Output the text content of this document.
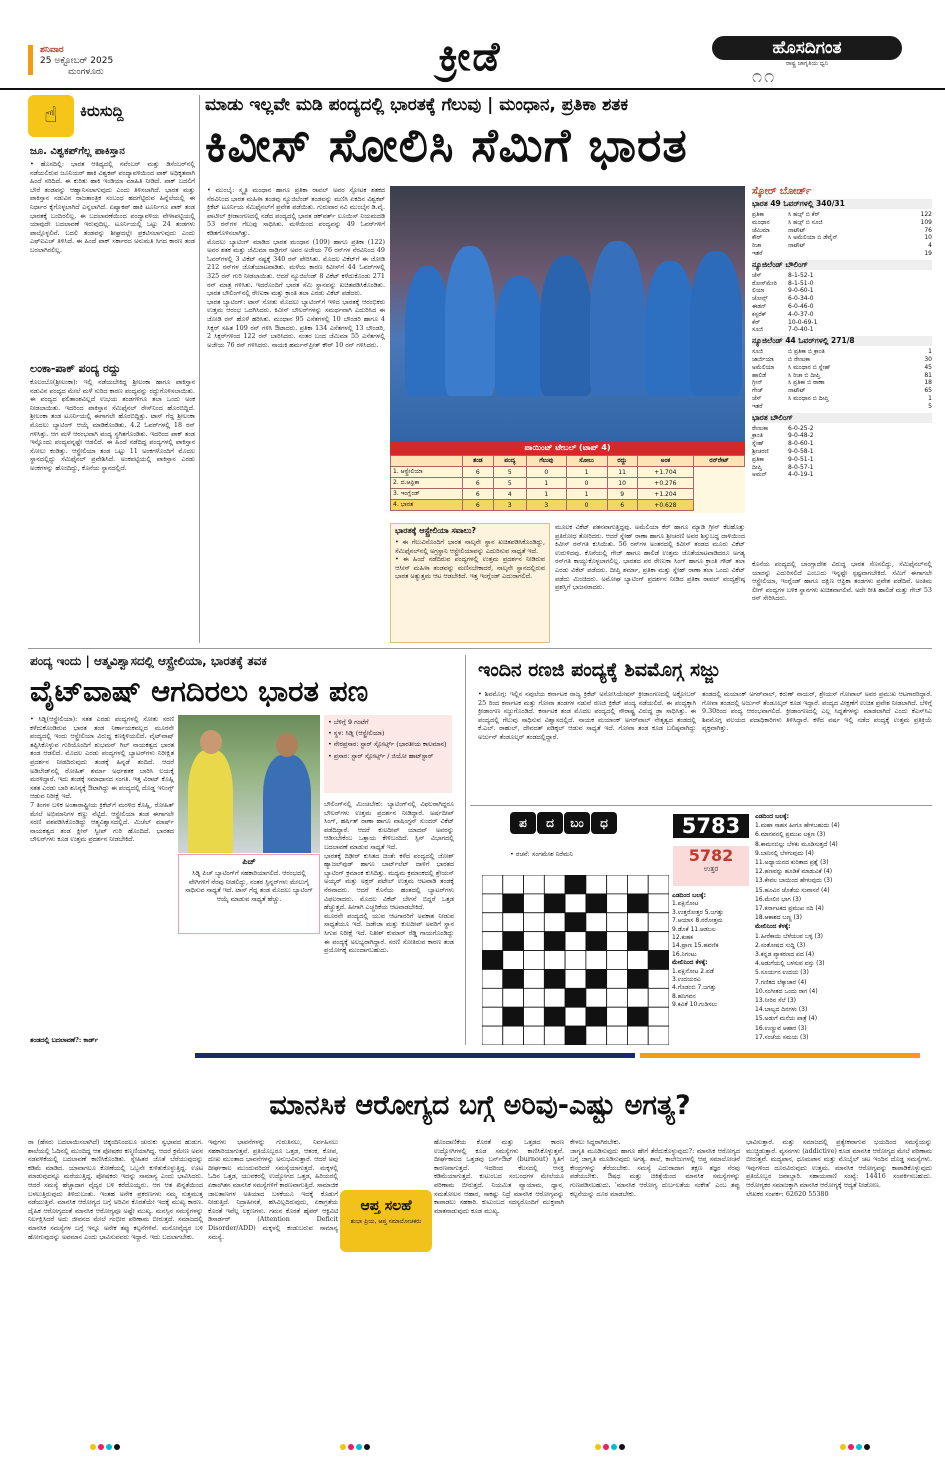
ಶನಿವಾರ
25 ಅಕ್ಟೋಬರ್ 2025
ಮಂಗಳೂರು	ಕ್ರೀಡೆ	ಹೊಸದಿಗಂತ
ರಾಷ್ಟ್ರ ಜಾಗೃತಿಯ ಧ್ವನಿ
೧೧
☝	ಕಿರುಸುದ್ದಿ
ಜೂ. ವಿಶ್ವಕಪ್‌ಗೆಲ್ಲ ಪಾಕಿಸ್ತಾನ
• ಹೊಸದಿಲ್ಲಿ: ಭಾರತ ಆತಿಥ್ಯದಲ್ಲಿ ನವೆಂಬರ್ ಮತ್ತು ಡಿಸೆಂಬರ್‌ನಲ್ಲಿ ನಡೆಯಲಿರುವ ಜೂನಿಯರ್ ಹಾಕಿ ವಿಶ್ವಕಪ್ ಪಂದ್ಯಾವಳಿಯಿಂದ ಪಾಕ್ ಅಧಿಕೃತವಾಗಿ ಹಿಂದೆ ಸರಿದಿದೆ. ಈ ಕುರಿತು ಹಾಕಿ ಇಂಡಿಯಾ ಮಾಹಿತಿ ನೀಡಿದೆ. ಪಾಕ್ ಬದಲಿಗೆ ಬೇರೆ ತಂಡವನ್ನು ಆಹ್ವಾನಿಸಲಾಗುವುದು ಎಂದು ತಿಳಿಸಲಾಗಿದೆ. ಭಾರತ ಮತ್ತು ಪಾಕಿಸ್ತಾನ ನಡುವಿನ ರಾಜತಾಂತ್ರಿಕ ಸಂಬಂಧ ಹದಗೆಟ್ಟಿರುವ ಹಿನ್ನೆಲೆಯಲ್ಲಿ ಈ ನಿರ್ಧಾರ ಕೈಗೊಳ್ಳಲಾಗಿದೆ ಎನ್ನಲಾಗಿದೆ. ಏಷ್ಯಾಕಪ್ ಹಾಕಿ ಟೂರ್ನಿಗೂ ಪಾಕ್ ತಂಡ ಭಾರತಕ್ಕೆ ಬಂದಿರಲಿಲ್ಲ. ಈ ಬದಲಾವಣೆಯಿಂದ ಪಂದ್ಯಾವಳಿಯ ವೇಳಾಪಟ್ಟಿಯಲ್ಲಿ ಯಾವುದೇ ಬದಲಾವಣೆ ಇರುವುದಿಲ್ಲ. ಟೂರ್ನಿಯಲ್ಲಿ ಒಟ್ಟು 24 ತಂಡಗಳು ಪಾಲ್ಗೊಳ್ಳಲಿವೆ. ಬದಲಿ ತಂಡವನ್ನು ಶೀಘ್ರದಲ್ಲೇ ಪ್ರಕಟಿಸಲಾಗುವುದು ಎಂದು ಎಫ್‌ಐಎಚ್ ತಿಳಿಸಿದೆ. ಈ ಹಿಂದೆ ಪಾಕ್ ಸರ್ಕಾರದ ಅನುಮತಿ ಸಿಗದ ಕಾರಣ ತಂಡ ಬರಲಾಗಿರಲಿಲ್ಲ.
ಲಂಕಾ-ಪಾಕ್ ಪಂದ್ಯ ರದ್ದು
ಕೊಲಂಬೊ(ಶ್ರೀಲಂಕಾ): ಇಲ್ಲಿ ನಡೆಯಬೇಕಿದ್ದ ಶ್ರೀಲಂಕಾ ಹಾಗೂ ಪಾಕಿಸ್ತಾನ ನಡುವಿನ ಪಂದ್ಯದ ಮೇಲೆ ಮಳೆ ಸುರಿದ ಕಾರಣ ಪಂದ್ಯವನ್ನು ರದ್ದುಗೊಳಿಸಲಾಯಿತು. ಈ ಪಂದ್ಯದ ಫಲಿತಾಂಶವಿಲ್ಲದೆ ಉಭಯ ತಂಡಗಳಿಗೂ ತಲಾ ಒಂದು ಅಂಕ ನೀಡಲಾಯಿತು. ಇದರಿಂದ ಪಾಕಿಸ್ತಾನ ಸೆಮಿಫೈನಲ್ ರೇಸ್‌ನಿಂದ ಹೊರಬಿದ್ದಿದೆ. ಶ್ರೀಲಂಕಾ ತಂಡ ಟೂರ್ನಿಯಲ್ಲಿ ಈಗಾಗಲೇ ಹೊರಬಿದ್ದಿತ್ತು. ಟಾಸ್ ಗೆದ್ದ ಶ್ರೀಲಂಕಾ ಮೊದಲು ಬ್ಯಾಟಿಂಗ್ ಆಯ್ಕೆ ಮಾಡಿಕೊಂಡಿತು. 4.2 ಓವರ್‌ಗಳಲ್ಲಿ 18 ರನ್ ಗಳಿಸಿತ್ತು. ಆಗ ಮಳೆ ಆರಂಭವಾಗಿ ಪಂದ್ಯ ಸ್ಥಗಿತಗೊಂಡಿತು. ಇದರಿಂದ ಪಾಕ್ ತಂಡ ಇನ್ನೊಂದು ಪಂದ್ಯವನ್ನಷ್ಟೇ ಆಡಲಿದೆ. ಈ ಹಿಂದೆ ನಡೆದಿದ್ದ ಪಂದ್ಯಗಳಲ್ಲಿ ಪಾಕಿಸ್ತಾನ ಸೋಲು ಕಂಡಿತ್ತು. ಆಸ್ಟ್ರೇಲಿಯಾ ತಂಡ ಒಟ್ಟು 11 ಅಂಕಗಳೊಂದಿಗೆ ಮೊದಲ ಸ್ಥಾನದಲ್ಲಿದ್ದು ಸೆಮಿಫೈನಲ್ ಪ್ರವೇಶಿಸಿದೆ. ಅಂಕಪಟ್ಟಿಯಲ್ಲಿ ಪಾಕಿಸ್ತಾನ ಎರಡು ಅಂಕಗಳನ್ನು ಹೊಂದಿದ್ದು, ಕೊನೆಯ ಸ್ಥಾನದಲ್ಲಿದೆ.
ಮಾಡು ಇಲ್ಲವೇ ಮಡಿ ಪಂದ್ಯದಲ್ಲಿ ಭಾರತಕ್ಕೆ ಗೆಲುವು | ಮಂಧಾನ, ಪ್ರತಿಕಾ ಶತಕ
ಕಿವೀಸ್ ಸೋಲಿಸಿ ಸೆಮಿಗೆ ಭಾರತ
• ಮುಂಬೈ: ಸ್ಮೃತಿ ಮಂಧಾನ ಹಾಗೂ ಪ್ರತಿಕಾ ರಾವಲ್ ಅವರ ಸ್ಫೋಟಕ ಶತಕದ ನೆರವಿನಿಂದ ಭಾರತ ಮಹಿಳಾ ತಂಡವು ನ್ಯೂಜಿಲೆಂಡ್ ತಂಡವನ್ನು ಮಣಿಸಿ ಏಕದಿನ ವಿಶ್ವಕಪ್ ಕ್ರಿಕೆಟ್ ಟೂರ್ನಿಯ ಸೆಮಿಫೈನಲ್‌ಗೆ ಪ್ರವೇಶ ಪಡೆಯಿತು. ಗುರುವಾರ ನವಿ ಮುಂಬೈನ ಡಿ.ವೈ. ಪಾಟೀಲ್ ಕ್ರೀಡಾಂಗಣದಲ್ಲಿ ನಡೆದ ಪಂದ್ಯದಲ್ಲಿ ಭಾರತ ಡಕ್‌ವರ್ತ್ ಲೂಯಿಸ್ ನಿಯಮದಡಿ 53 ರನ್‌ಗಳ ಗೆಲುವು ಸಾಧಿಸಿತು. ಮಳೆಯಿಂದ ಪಂದ್ಯವನ್ನು 49 ಓವರ್‌ಗಳಿಗೆ ಕಡಿತಗೊಳಿಸಲಾಗಿತ್ತು.
ಮೊದಲು ಬ್ಯಾಟಿಂಗ್ ಮಾಡಿದ ಭಾರತ ಮಂಧಾನ (109) ಹಾಗೂ ಪ್ರತಿಕಾ (122) ಅವರ ಶತಕ ಮತ್ತು ಜೆಮಿಮಾ ರಾಡ್ರಿಗಸ್ ಅವರ ಅಜೇಯ 76 ರನ್‌ಗಳ ನೆರವಿನಿಂದ 49 ಓವರ್‌ಗಳಲ್ಲಿ 3 ವಿಕೆಟ್ ನಷ್ಟಕ್ಕೆ 340 ರನ್ ಪೇರಿಸಿತು. ಮೊದಲ ವಿಕೆಟ್‌ಗೆ ಈ ಜೋಡಿ 212 ರನ್‌ಗಳ ಜೊತೆಯಾಟವಾಡಿತು. ಮಳೆಯ ಕಾರಣ ಕಿವೀಸ್‌ಗೆ 44 ಓವರ್‌ಗಳಲ್ಲಿ 325 ರನ್ ಗುರಿ ನೀಡಲಾಯಿತು. ಆದರೆ ನ್ಯೂಜಿಲೆಂಡ್ 8 ವಿಕೆಟ್ ಕಳೆದುಕೊಂಡು 271 ರನ್ ಮಾತ್ರ ಗಳಿಸಿತು. ಇದರೊಂದಿಗೆ ಭಾರತ ಸೆಮಿ ಸ್ಥಾನವನ್ನು ಖಚಿತಪಡಿಸಿಕೊಂಡಿತು. ಭಾರತ ಬೌಲಿಂಗ್‌ನಲ್ಲಿ ರೇಣುಕಾ ಮತ್ತು ಕ್ರಾಂತಿ ತಲಾ ಎರಡು ವಿಕೆಟ್ ಪಡೆದರು.
ಭಾರತ ಬ್ಯಾಟಿಂಗ್: ಟಾಸ್ ಸೋತು ಮೊದಲು ಬ್ಯಾಟಿಂಗ್‌ಗೆ ಇಳಿದ ಭಾರತಕ್ಕೆ ಆರಂಭಿಕರು ಉತ್ತಮ ಆರಂಭ ಒದಗಿಸಿದರು. ಕಿವೀಸ್ ಬೌಲರ್‌ಗಳನ್ನು ಸಮರ್ಥವಾಗಿ ಎದುರಿಸಿದ ಈ ಜೋಡಿ ರನ್ ಹೊಳೆ ಹರಿಸಿತು. ಮಂಧಾನ 95 ಎಸೆತಗಳಲ್ಲಿ 10 ಬೌಂಡರಿ ಹಾಗೂ 4 ಸಿಕ್ಸರ್ ಸಹಿತ 109 ರನ್ ಗಳಿಸಿ ಔಟಾದರು. ಪ್ರತಿಕಾ 134 ಎಸೆತಗಳಲ್ಲಿ 13 ಬೌಂಡರಿ, 2 ಸಿಕ್ಸರ್‌ಗಳಿಂದ 122 ರನ್ ಬಾರಿಸಿದರು. ನಂತರ ಬಂದ ಜೆಮಿಮಾ 55 ಎಸೆತಗಳಲ್ಲಿ ಅಜೇಯ 76 ರನ್ ಗಳಿಸಿದರು. ನಾಯಕಿ ಹರ್ಮನ್‌ಪ್ರೀತ್ ಕೌರ್ 10 ರನ್ ಗಳಿಸಿದರು.
ಪಾಯಿಂಟ್ ಟೇಬಲ್ (ಟಾಪ್ 4)
	ತಂಡ	ಪಂದ್ಯ	ಗೆಲುವು	ಸೋಲು	ರದ್ದು	ಅಂಕ	ರನ್‌ರೇಟ್
1. ಆಸ್ಟ್ರೇಲಿಯಾ	6	5	0	1	11	+1.704	
2. ದ.ಆಫ್ರಿಕಾ	6	5	1	0	10	+0.276	
3. ಇಂಗ್ಲೆಂಡ್	6	4	1	1	9	+1.204	
4. ಭಾರತ	6	3	3	0	6	+0.628	
ಭಾರತಕ್ಕೆ ಆಸ್ಟ್ರೇಲಿಯಾ ಸವಾಲು?
• ಈ ಗೆಲುವಿನೊಂದಿಗೆ ಭಾರತ ನಾಲ್ಕನೇ ಸ್ಥಾನ ಖಚಿತಪಡಿಸಿಕೊಂಡಿದ್ದು, ಸೆಮಿಫೈನಲ್‌ನಲ್ಲಿ ಅಗ್ರಸ್ಥಾನಿ ಆಸ್ಟ್ರೇಲಿಯಾವನ್ನು ಎದುರಿಸುವ ಸಾಧ್ಯತೆ ಇದೆ.
• ಈ ಹಿಂದೆ ನಡೆದಿರುವ ಪಂದ್ಯಗಳಲ್ಲಿ ಉತ್ತಮ ಪ್ರದರ್ಶನ ನೀಡಿರುವ ಆಸೀಸ್ ಮಹಿಳಾ ತಂಡವನ್ನು ಮಣಿಸಬೇಕಾದರೆ, ನಾಲ್ಕನೇ ಸ್ಥಾನದಲ್ಲಿರುವ ಭಾರತ ಅತ್ಯುತ್ತಮ ಆಟ ಆಡಬೇಕಿದೆ. ಇತ್ತ ಇಂಗ್ಲೆಂಡ್ ಎದುರಾಗಲಿದೆ.
ಮೂಲಕ ವಿಕೆಟ್ ಪತನವಾಗುತ್ತಿದ್ದವು. ಅಮೆಲಿಯಾ ಕೆರ್ ಹಾಗೂ ಮ್ಯಾಡಿ ಗ್ರೀನ್ ಕೆಲಹೊತ್ತು ಪ್ರತಿರೋಧ ತೋರಿದರು. ಆದರೆ ಸ್ನೇಹ್ ರಾಣಾ ಹಾಗೂ ಶ್ರೀಚರಣಿ ಅವರ ಶಿಸ್ತುಬದ್ಧ ದಾಳಿಯಿಂದ ಕಿವೀಸ್ ರನ್‌ಗತಿ ಕುಸಿಯಿತು. 56 ರನ್‌ಗಳ ಅಂತರದಲ್ಲಿ ಕಿವೀಸ್ ತಂಡದ ಮೂರು ವಿಕೆಟ್ ಉರುಳಿದವು. ಕೊನೆಯಲ್ಲಿ ಗೇಜ್ ಹಾಗೂ ಹಾಲಿಡೆ ಉತ್ತಮ ಜೊತೆಯಾಟವಾಡಿದರೂ ಅಗತ್ಯ ರನ್‌ಗತಿ ಕಾಯ್ದುಕೊಳ್ಳಲಾಗಲಿಲ್ಲ. ಭಾರತದ ಪರ ರೇಣುಕಾ ಸಿಂಗ್ ಹಾಗೂ ಕ್ರಾಂತಿ ಗೌಡ್ ತಲಾ ಎರಡು ವಿಕೆಟ್ ಪಡೆದರು. ದೀಪ್ತಿ ಶರ್ಮಾ, ಪ್ರತಿಕಾ ಮತ್ತು ಸ್ನೇಹ್ ರಾಣಾ ತಲಾ ಒಂದು ವಿಕೆಟ್ ಪಡೆದು ಮಿಂಚಿದರು. ಅಮೋಘ ಬ್ಯಾಟಿಂಗ್ ಪ್ರದರ್ಶನ ನೀಡಿದ ಪ್ರತಿಕಾ ರಾವಲ್ ಪಂದ್ಯಶ್ರೇಷ್ಠ ಪ್ರಶಸ್ತಿಗೆ ಭಾಜನರಾದರು.
ಸ್ಕೋರ್ ಬೋರ್ಡ್
ಭಾರತ 49 ಓವರ್‌ಗಳಲ್ಲಿ 340/31
ಪ್ರತಿಕಾ	ಸಿ ಹಜ್ಸ್ ಬಿ ಕೆರ್	122
ಮಂಧಾನ	ಸಿ ಹಜ್ಸ್ ಬಿ ಸೂಜಿ	109
ಜೆಮಿಮಾ	ನಾಟೌಟ್	76
ಕೌರ್	ಸಿ ಅಮೆಲಿಯಾ ಬಿ ಡೆವೈನ್	10
ರಿಚಾ	ನಾಟೌಟ್	4
ಇತರೆ	19
ನ್ಯೂಜಿಲೆಂಡ್ ಬೌಲಿಂಗ್
ಜೆಸ್	8-1-52-1
ರೋಸ್‌ಮೇರಿ	8-1-51-0
ಲಿಯಾ	9-0-60-1
ಜೋನ್ಸ್	6-0-34-0
ಈಡನ್	6-0-46-0
ಕಸ್ಪರೆಕ್	4-0-37-0
ಕೆರ್	10-0-69-1
ಸೂಜಿ	7-0-40-1
ನ್ಯೂಜಿಲೆಂಡ್ 44 ಓವರ್‌ಗಳಲ್ಲಿ 271/8
ಸೂಜಿ	ಬಿ ಪ್ರತಿಕಾ ಬಿ ಕ್ರಾಂತಿ	1
ಜಾರ್ಜಿಯಾ	ಬಿ ರೇಣುಕಾ	30
ಅಮೆಲಿಯಾ	ಸಿ ಮಂಧಾನ ಬಿ ಸ್ನೇಹ್	45
ಹಾಲಿಡೆ	ಸಿ ರಿಚಾ ಬಿ ದೀಪ್ತಿ	81
ಗ್ರೀನ್	ಸಿ ಪ್ರತಿಕಾ ಬಿ ರಾಣಾ	18
ಗೇಜ್	ನಾಟೌಟ್	65
ಜೆಸ್	ಸಿ ಮಂಧಾನ ಬಿ ದೀಪ್ತಿ	1
ಇತರೆ	5
ಭಾರತ ಬೌಲಿಂಗ್
ರೇಣುಕಾ	6-0-25-2
ಕ್ರಾಂತಿ	9-0-48-2
ಸ್ನೇಹ್	8-0-60-1
ಶ್ರೀಚರಣಿ	9-0-58-1
ಪ್ರತಿಕಾ	9-0-51-1
ದೀಪ್ತಿ	8-0-57-1
ಅಮನ್	4-0-19-1
ಕೊನೆಯ ಪಂದ್ಯದಲ್ಲಿ ಬಾಂಗ್ಲಾದೇಶ ವಿರುದ್ಧ ಭಾರತ ಸೆಣಸಲಿದ್ದು, ಸೆಮಿಫೈನಲ್‌ನಲ್ಲಿ ಯಾರನ್ನು ಎದುರಿಸಲಿದೆ ಎಂಬುದು ಇನ್ನಷ್ಟೇ ಸ್ಪಷ್ಟವಾಗಬೇಕಿದೆ. ಸೆಮಿಗೆ ಈಗಾಗಲೇ ಆಸ್ಟ್ರೇಲಿಯಾ, ಇಂಗ್ಲೆಂಡ್ ಹಾಗೂ ದಕ್ಷಿಣ ಆಫ್ರಿಕಾ ತಂಡಗಳು ಪ್ರವೇಶ ಪಡೆದಿವೆ. ಅಂತಿಮ ಲೀಗ್ ಪಂದ್ಯಗಳ ಬಳಿಕ ಸ್ಥಾನಗಳು ಖಚಿತವಾಗಲಿವೆ. ಅದೇ ರೀತಿ ಹಾಲಿಡೆ ಮತ್ತು ಗೇಜ್ 53 ರನ್ ಸೇರಿಸಿದರು.
ಪಂದ್ಯ ಇಂದು | ಆತ್ಮವಿಶ್ವಾಸದಲ್ಲಿ ಆಸ್ಟ್ರೇಲಿಯಾ, ಭಾರತಕ್ಕೆ ತವಕ
ವೈಟ್‌ವಾಷ್ ಆಗದಿರಲು ಭಾರತ ಪಣ
• ಸಿಡ್ನಿ(ಆಸ್ಟ್ರೇಲಿಯಾ): ಸತತ ಎರಡು ಪಂದ್ಯಗಳಲ್ಲಿ ಸೋತು ಸರಣಿ ಕಳೆದುಕೊಂಡಿರುವ ಭಾರತ ತಂಡ ನಿರ್ಣಾಯಕವಲ್ಲದ ಮೂರನೇ ಪಂದ್ಯದಲ್ಲಿ ಇಂದು ಆಸ್ಟ್ರೇಲಿಯಾ ವಿರುದ್ಧ ಕಣಕ್ಕಿಳಿಯಲಿದೆ. ವೈಟ್‌ವಾಷ್ ತಪ್ಪಿಸಿಕೊಳ್ಳುವ ಗುರಿಯೊಂದಿಗೆ ಶುಭಮನ್ ಗಿಲ್ ನಾಯಕತ್ವದ ಭಾರತ ತಂಡ ಆಡಲಿದೆ. ಮೊದಲ ಎರಡು ಪಂದ್ಯಗಳಲ್ಲಿ ಬ್ಯಾಟರ್‌ಗಳು ನಿರೀಕ್ಷಿತ ಪ್ರದರ್ಶನ ನೀಡದಿರುವುದು ತಂಡಕ್ಕೆ ಹಿನ್ನಡೆ ತಂದಿದೆ. ಆದರೆ ಅಡಿಲೇಡ್‌ನಲ್ಲಿ ರೋಹಿತ್ ಶರ್ಮಾ ಅರ್ಧಶತಕ ಬಾರಿಸಿ ಲಯಕ್ಕೆ ಮರಳಿದ್ದಾರೆ. ಇದು ತಂಡಕ್ಕೆ ಸಮಾಧಾನದ ಸಂಗತಿ. ಇತ್ತ ವಿರಾಟ್ ಕೊಹ್ಲಿ ಸತತ ಎರಡು ಬಾರಿ ಶೂನ್ಯಕ್ಕೆ ಔಟಾಗಿದ್ದು ಈ ಪಂದ್ಯದಲ್ಲಿ ದೊಡ್ಡ ಇನಿಂಗ್ಸ್ ಆಡುವ ನಿರೀಕ್ಷೆ ಇದೆ.
7 ತಿಂಗಳ ಬಳಿಕ ಅಂತಾರಾಷ್ಟ್ರೀಯ ಕ್ರಿಕೆಟ್‌ಗೆ ಮರಳಿದ ಕೊಹ್ಲಿ, ರೋಹಿತ್ ಮೇಲೆ ಅಭಿಮಾನಿಗಳ ಕಣ್ಣು ನೆಟ್ಟಿದೆ. ಆಸ್ಟ್ರೇಲಿಯಾ ತಂಡ ಈಗಾಗಲೇ ಸರಣಿ ವಶಪಡಿಸಿಕೊಂಡಿದ್ದು ಆತ್ಮವಿಶ್ವಾಸದಲ್ಲಿದೆ. ಮಿಚೆಲ್ ಮಾರ್ಷ್ ನಾಯಕತ್ವದ ತಂಡ ಕ್ಲೀನ್ ಸ್ವೀಪ್ ಗುರಿ ಹೊಂದಿದೆ. ಭಾರತದ ಬೌಲರ್‌ಗಳು ಕೂಡ ಉತ್ತಮ ಪ್ರದರ್ಶನ ನೀಡಬೇಕಿದೆ.
ಪಿಚ್
ಸಿಡ್ನಿ ಪಿಚ್ ಬ್ಯಾಟಿಂಗ್‌ಗೆ ಸಹಕಾರಿಯಾಗಲಿದೆ. ಆರಂಭದಲ್ಲಿ ವೇಗಿಗಳಿಗೆ ನೆರವು ನೀಡಲಿದ್ದು, ನಂತರ ಸ್ಪಿನ್ನರ್‌ಗಳು ಮೇಲುಗೈ ಸಾಧಿಸುವ ಸಾಧ್ಯತೆ ಇದೆ. ಟಾಸ್ ಗೆದ್ದ ತಂಡ ಮೊದಲು ಬ್ಯಾಟಿಂಗ್ ಆಯ್ಕೆ ಮಾಡುವ ಸಾಧ್ಯತೆ ಹೆಚ್ಚು.
• ಬೆಳಿಗ್ಗೆ 9 ಗಂಟೆಗೆ
• ಸ್ಥಳ: ಸಿಡ್ನಿ (ಆಸ್ಟ್ರೇಲಿಯಾ)
• ನೇರಪ್ರಸಾರ: ಸ್ಟಾರ್ ಸ್ಪೋರ್ಟ್ಸ್ (ಭಾರತೀಯ ಕಾಲಮಾನ)
• ಪ್ರಸಾರ: ಸ್ಟಾರ್ ಸ್ಪೋರ್ಟ್ಸ್ / ಜಿಯೋ ಹಾಟ್‌ಸ್ಟಾರ್
ಬೌಲಿಂಗ್‌ನಲ್ಲಿ ಮಿಂಚಬೇಕು: ಬ್ಯಾಟಿಂಗ್‌ನಲ್ಲಿ ವಿಫಲರಾಗಿದ್ದರೂ ಬೌಲರ್‌ಗಳು ಉತ್ತಮ ಪ್ರದರ್ಶನ ನೀಡಿದ್ದಾರೆ. ಅರ್ಷದೀಪ್ ಸಿಂಗ್, ಹರ್ಷಿತ್ ರಾಣಾ ಹಾಗೂ ವಾಷಿಂಗ್ಟನ್ ಸುಂದರ್ ವಿಕೆಟ್ ಪಡೆದಿದ್ದಾರೆ. ಆದರೆ ಕುಲದೀಪ್ ಯಾದವ್ ಅವರನ್ನು ಆಡಿಸಬೇಕೆಂಬ ಒತ್ತಾಯ ಕೇಳಿಬಂದಿದೆ. ಸ್ಪಿನ್ ವಿಭಾಗದಲ್ಲಿ ಬದಲಾವಣೆ ಮಾಡುವ ಸಾಧ್ಯತೆ ಇದೆ.
ಭಾರತಕ್ಕೆ ದಿಢೀರ್ ಕುಸಿತದ ಚಿಂತೆ: ಕಳೆದ ಪಂದ್ಯದಲ್ಲಿ ಜೋಶ್ ಹ್ಯಾಜಲ್‌ವುಡ್ ಹಾಗೂ ಬಾರ್ಟ್‌ಲೆಟ್ ದಾಳಿಗೆ ಭಾರತದ ಬ್ಯಾಟಿಂಗ್ ಕ್ರಮಾಂಕ ಕುಸಿದಿತ್ತು. ಮಧ್ಯಮ ಕ್ರಮಾಂಕದಲ್ಲಿ ಶ್ರೇಯಸ್ ಅಯ್ಯರ್ ಮತ್ತು ಅಕ್ಷರ್ ಪಟೇಲ್ ಉತ್ತಮ ಆಟವಾಡಿ ತಂಡಕ್ಕೆ ನೆರವಾದರು. ಆದರೆ ಕೊನೆಯ ಹಂತದಲ್ಲಿ ಬ್ಯಾಟರ್‌ಗಳು ವಿಫಲರಾದರು. ಮೊದಲ ವಿಕೆಟ್ ಬೇಗನೆ ಬಿದ್ದರೆ ಒತ್ತಡ ಹೆಚ್ಚುತ್ತದೆ. ಹೀಗಾಗಿ ಎಚ್ಚರಿಕೆಯ ಆಟವಾಡಬೇಕಿದೆ.
ಮೂರನೇ ಪಂದ್ಯದಲ್ಲಿ ಯುವ ಆಟಗಾರರಿಗೆ ಅವಕಾಶ ನೀಡುವ ಸಾಧ್ಯತೆಯೂ ಇದೆ. ಜಡೇಜಾ ಮತ್ತು ಕುಲದೀಪ್ ಅವರಿಗೆ ಸ್ಥಾನ ಸಿಗುವ ನಿರೀಕ್ಷೆ ಇದೆ. ನಿತೀಶ್ ಕುಮಾರ್ ರೆಡ್ಡಿ ಗಾಯಗೊಂಡಿದ್ದು ಈ ಪಂದ್ಯಕ್ಕೆ ಅಲಭ್ಯರಾಗಿದ್ದಾರೆ. ಸರಣಿ ಸೋತಿರುವ ಕಾರಣ ತಂಡ ಪ್ರಯೋಗಕ್ಕೆ ಮುಂದಾಗಬಹುದು.
ತಂಡದಲ್ಲಿ ಬದಲಾವಣೆ?: ಕಾರ್ಡ್
ಇಂದಿನ ರಣಜಿ ಪಂದ್ಯಕ್ಕೆ ಶಿವಮೊಗ್ಗ ಸಜ್ಜು
• ಶಿವಮೊಗ್ಗ: ಇಲ್ಲಿನ ನವುಲೆಯ ಕರ್ನಾಟಕ ರಾಜ್ಯ ಕ್ರಿಕೆಟ್ ಅಸೋಸಿಯೇಷನ್ ಕ್ರೀಡಾಂಗಣದಲ್ಲಿ ಅಕ್ಟೋಬರ್ 25 ರಿಂದ ಕರ್ನಾಟಕ ಮತ್ತು ಗೋವಾ ತಂಡಗಳ ನಡುವೆ ರಣಜಿ ಕ್ರಿಕೆಟ್ ಪಂದ್ಯ ನಡೆಯಲಿದೆ. ಈ ಪಂದ್ಯಕ್ಕಾಗಿ ಕ್ರೀಡಾಂಗಣ ಸಜ್ಜುಗೊಂಡಿದೆ. ಕರ್ನಾಟಕ ತಂಡ ಮೊದಲ ಪಂದ್ಯದಲ್ಲಿ ಸೌರಾಷ್ಟ್ರ ವಿರುದ್ಧ ಡ್ರಾ ಸಾಧಿಸಿತ್ತು. ಈ ಪಂದ್ಯದಲ್ಲಿ ಗೆಲುವು ಸಾಧಿಸುವ ವಿಶ್ವಾಸದಲ್ಲಿದೆ. ನಾಯಕ ಮಯಾಂಕ್ ಅಗರ್‌ವಾಲ್ ನೇತೃತ್ವದ ತಂಡದಲ್ಲಿ ಕೆ.ಎಲ್. ರಾಹುಲ್, ದೇವದತ್ ಪಡಿಕ್ಕಲ್ ಆಡುವ ಸಾಧ್ಯತೆ ಇದೆ. ಗೋವಾ ತಂಡ ಕೂಡ ಬಲಿಷ್ಠವಾಗಿದ್ದು ಅರ್ಜುನ್ ತೆಂಡೂಲ್ಕರ್ ತಂಡದಲ್ಲಿದ್ದಾರೆ.
ತಂಡದಲ್ಲಿ ಮಯಾಂಕ್ ಅಗರ್‌ವಾಲ್, ಕರುಣ್ ನಾಯರ್, ಶ್ರೇಯಸ್ ಗೋಪಾಲ್ ಅವರ ಪ್ರಮುಖ ಆಟಗಾರರಿದ್ದಾರೆ. ಗೋವಾ ತಂಡದಲ್ಲಿ ಅರ್ಜುನ್ ತೆಂಡೂಲ್ಕರ್ ಕೂಡ ಇದ್ದಾರೆ. ಪಂದ್ಯದ ವೀಕ್ಷಣೆಗೆ ಉಚಿತ ಪ್ರವೇಶ ನೀಡಲಾಗಿದೆ. ಬೆಳಿಗ್ಗೆ 9.30ರಿಂದ ಪಂದ್ಯ ಆರಂಭವಾಗಲಿದೆ. ಕ್ರೀಡಾಂಗಣದಲ್ಲಿ ಎಲ್ಲ ಸಿದ್ಧತೆಗಳನ್ನು ಮಾಡಲಾಗಿದೆ ಎಂದು ಕೆಎಸ್‌ಸಿಎ ಶಿವಮೊಗ್ಗ ವಲಯದ ಪದಾಧಿಕಾರಿಗಳು ತಿಳಿಸಿದ್ದಾರೆ. ಕಳೆದ ವರ್ಷ ಇಲ್ಲಿ ನಡೆದ ಪಂದ್ಯಕ್ಕೆ ಉತ್ತಮ ಪ್ರತಿಕ್ರಿಯೆ ವ್ಯಕ್ತವಾಗಿತ್ತು.
ಪ ದ ಬಂ ಧ	5783
5782
ಉತ್ತರ
• ರಚನೆ: ಸಂಗಮೇಶ ನಿರೆಮನಿ
ಎಡದಿಂದ ಬಲಕ್ಕೆ:
1.ಪಕ್ಷಿನೋಟ
3.ಉತ್ತರೋತ್ತರ 5.ಜಗತ್ತು
7.ಆಯಾಸ 8.ನರೋತ್ತಮ
9.ಡೊಕೆ 11.ಆಡಬಲ
12.ಕುಹಕ
14.ಪ್ರಾಣ 15.ಹವಣಿಕ
16.ನಿಗಂಟು
ಮೇಲಿನಿಂದ ಕೆಳಕ್ಕೆ:
1.ಪಕ್ಷಿನೋಟ 2.ಪಡೆ
3.ಉದಯರವಿ
4.ಗೊಡಂಬಿ 7.ಜಗತ್ತು
8.ಹನಿಗವನ
9.ಕವಿತೆ 10.ಗುಡಿಸಲು
ಎಡದಿಂದ ಬಲಕ್ಕೆ:
1.ಮಹಾ ಸಾಹಸ ಹೀಗೂ ಹೇಳಬಹುದು (4)
6.ಮಾನವನಲ್ಲಿ ಪ್ರಮುಖ ಲಕ್ಷಣ (3)
8.ಕಾಮನಬಿಲ್ಲು ಬೆಳಕು ಮೂಡಿಸುತ್ತದೆ (4)
9.ಬಾನಿನಲ್ಲಿ ಬೆಳಗುವುದು (4)
11.ಅಧ್ಯಾಯನದ ಕುರಿತಾದ ಪ್ರಶ್ನೆ (3)
12.ಹಣವನ್ನು ಹೂಡಿಕೆ ಮಾಡುವಿಕೆ (4)
13.ಕೇವಲ ಬಾಯಿಂದ ಹೇಳುವುದು (3)
15.ಹೂವಿನ ಜೊತೆಯ ಸುವಾಸನೆ (4)
16.ಮೇಲಿನ ಭಾಗ (3)
17.ಕರ್ನಾಟಕದ ಪ್ರಮುಖ ನದಿ (4)
18.ಆಕಾಶದ ಬಣ್ಣ (3)
ಮೇಲಿನಿಂದ ಕೆಳಕ್ಕೆ:
1.ಹೀರೆಕಾಯಿ ಬೆಳೆಯುವ ಬಳ್ಳಿ (3)
2.ಸಂತೋಷದ ಸುದ್ದಿ (3)
3.ಕನ್ನಡ ವ್ಯಾಕರಣದ ಪದ (4)
4.ಅಡುಗೆಯಲ್ಲಿ ಬಳಸುವ ವಸ್ತು (3)
5.ಸೂರ್ಯನ ಉದಯ (3)
7.ಗಣಿತದ ಲೆಕ್ಕಾಚಾರ (4)
10.ಸಂಗೀತದ ಒಂದು ರಾಗ (4)
13.ನೀರಿನ ಸೆಲೆ (3)
14.ಬಾಲ್ಯದ ದಿನಗಳು (3)
15.ಅಡುಗೆ ಮನೆಯ ಪಾತ್ರೆ (4)
16.ಉಣ್ಣುವ ಆಹಾರ (3)
17.ಸಂಜೆಯ ಸಮಯ (3)
ಮಾನಸಿಕ ಆರೋಗ್ಯದ ಬಗ್ಗೆ ಅರಿವು-ಎಷ್ಟು ಅಗತ್ಯ?
ರಾ (ಹೆಸರು ಬದಲಾಯಿಸಲಾಗಿದೆ) ಚಿಕ್ಕಂದಿನಿಂದಲೂ ಚುರುಕು ಸ್ವಭಾವದ ಹುಡುಗ. ಶಾಲೆಯಲ್ಲಿ ಓದಿನಲ್ಲಿ ಮುಂದಿದ್ದ ಆತ ಪೋಷಕರ ಕಣ್ಮಣಿಯಾಗಿದ್ದ. ಆದರೆ ಕ್ರಮೇಣ ಅವನ ನಡವಳಿಕೆಯಲ್ಲಿ ಬದಲಾವಣೆ ಕಾಣಿಸಿಕೊಂಡಿತು. ಸ್ನೇಹಿತರ ಜೊತೆ ಬೆರೆಯುವುದನ್ನು ಕಡಿಮೆ ಮಾಡಿದ. ಯಾವಾಗಲೂ ಕೋಣೆಯಲ್ಲಿ ಒಬ್ಬನೇ ಕುಳಿತುಕೊಳ್ಳುತ್ತಿದ್ದ. ಊಟ ಮಾಡುವುದನ್ನೂ ಮರೆಯುತ್ತಿದ್ದ. ಪೋಷಕರು ಇದನ್ನು ಸಾಮಾನ್ಯ ಎಂದು ಭಾವಿಸಿದರು. ಆದರೆ ಸಮಸ್ಯೆ ಹೆಚ್ಚಾದಾಗ ವೈದ್ಯರ ಬಳಿ ಕರೆದೊಯ್ದರು. ಆಗ ಆತ ಖಿನ್ನತೆಯಿಂದ ಬಳಲುತ್ತಿರುವುದು ತಿಳಿದುಬಂತು. ಇಂತಹ ಅನೇಕ ಪ್ರಕರಣಗಳು ನಮ್ಮ ಸುತ್ತಮುತ್ತ ನಡೆಯುತ್ತಿವೆ. ಮಾನಸಿಕ ಆರೋಗ್ಯದ ಬಗ್ಗೆ ಅರಿವಿನ ಕೊರತೆಯೇ ಇದಕ್ಕೆ ಮುಖ್ಯ ಕಾರಣ. ದೈಹಿಕ ಆರೋಗ್ಯದಂತೆ ಮಾನಸಿಕ ಆರೋಗ್ಯವೂ ಅಷ್ಟೇ ಮುಖ್ಯ. ಮನಸ್ಸಿನ ಸಮಸ್ಯೆಗಳನ್ನು ನಿರ್ಲಕ್ಷಿಸಿದರೆ ಅದು ಜೀವನದ ಮೇಲೆ ಗಂಭೀರ ಪರಿಣಾಮ ಬೀರುತ್ತದೆ. ಸಮಾಜದಲ್ಲಿ ಮಾನಸಿಕ ಸಮಸ್ಯೆಗಳ ಬಗ್ಗೆ ಇನ್ನೂ ಅನೇಕ ತಪ್ಪು ಕಲ್ಪನೆಗಳಿವೆ. ಮನೋವೈದ್ಯರ ಬಳಿ ಹೋಗುವುದನ್ನು ಅವಮಾನ ಎಂದು ಭಾವಿಸುವವರು ಇದ್ದಾರೆ. ಇದು ಬದಲಾಗಬೇಕು.
ಇವುಗಳು ಭಾವನೆಗಳನ್ನು ಗುರುತಿಸಲು, ನಿರ್ವಹಿಸಲು ಸಹಕಾರಿಯಾಗುತ್ತವೆ. ಪ್ರತಿಯೊಬ್ಬರೂ ಒತ್ತಡ, ಆತಂಕ, ಕೋಪ, ದುಃಖ ಮುಂತಾದ ಭಾವನೆಗಳನ್ನು ಅನುಭವಿಸುತ್ತಾರೆ. ಆದರೆ ಅವು ದೀರ್ಘಕಾಲ ಮುಂದುವರಿದರೆ ಸಮಸ್ಯೆಯಾಗುತ್ತದೆ. ಮಕ್ಕಳಲ್ಲಿ ಓದಿನ ಒತ್ತಡ, ಯುವಕರಲ್ಲಿ ಉದ್ಯೋಗದ ಒತ್ತಡ, ಹಿರಿಯರಲ್ಲಿ ಏಕಾಂಗಿತನ ಮಾನಸಿಕ ಸಮಸ್ಯೆಗಳಿಗೆ ಕಾರಣವಾಗುತ್ತಿದೆ. ಸಾಮಾಜಿಕ ಜಾಲತಾಣಗಳ ಅತಿಯಾದ ಬಳಕೆಯೂ ಇದಕ್ಕೆ ಕೊಡುಗೆ ನೀಡುತ್ತಿದೆ. ನಿದ್ರಾಹೀನತೆ, ಹಸಿವಿಲ್ಲದಿರುವುದು, ಏಕಾಗ್ರತೆಯ ಕೊರತೆ ಇವೆಲ್ಲ ಲಕ್ಷಣಗಳು. ಗಮನ ಕೊರತೆ ಹೈಪರ್ ಆಕ್ಟಿವಿಟಿ ಡಿಸಾರ್ಡರ್ (Attention Deficit Disorder/ADD) ಮಕ್ಕಳಲ್ಲಿ ಕಂಡುಬರುವ ಸಾಮಾನ್ಯ ಸಮಸ್ಯೆ.
ಆಪ್ತ ಸಲಹೆ
ಶುಭಾ ಪ್ರಿಯ, ಆಪ್ತ ಸಮಾಲೋಚಕರು
ಹೊಂದಾಣಿಕೆಯ ಕೊರತೆ ಮತ್ತು ಒತ್ತಡದ ಕಾರಣ ಉದ್ಯೋಗಿಗಳಲ್ಲಿ ಕೂಡ ಸಮಸ್ಯೆಗಳು ಕಾಣಿಸಿಕೊಳ್ಳುತ್ತವೆ. ದೀರ್ಘಕಾಲದ ಒತ್ತಡವು ಬರ್ನ್‌ಔಟ್ (burnout) ಸ್ಥಿತಿಗೆ ಕಾರಣವಾಗುತ್ತದೆ. ಇದರಿಂದ ಕೆಲಸದಲ್ಲಿ ಆಸಕ್ತಿ ಕಡಿಮೆಯಾಗುತ್ತದೆ. ಕುಟುಂಬದ ಸಂಬಂಧಗಳ ಮೇಲೆಯೂ ಪರಿಣಾಮ ಬೀರುತ್ತದೆ. ನಿಯಮಿತ ವ್ಯಾಯಾಮ, ಧ್ಯಾನ, ಸಮತೋಲನ ಆಹಾರ, ಸಾಕಷ್ಟು ನಿದ್ರೆ ಮಾನಸಿಕ ಆರೋಗ್ಯವನ್ನು ಕಾಪಾಡಲು ಸಹಕಾರಿ. ಕುಟುಂಬದ ಸದಸ್ಯರೊಂದಿಗೆ ಮುಕ್ತವಾಗಿ ಮಾತನಾಡುವುದು ಕೂಡ ಮುಖ್ಯ.
ಕೇಳಲು ಸಿದ್ಧರಾಗಿರಬೇಕು.
ಜಾಗೃತಿ ಮೂಡಿಸುವುದು ಹಾಗೂ ಹೇಗೆ ತೆರೆದುಕೊಳ್ಳುವುದು?: ಮಾನಸಿಕ ಆರೋಗ್ಯದ ಬಗ್ಗೆ ಜಾಗೃತಿ ಮೂಡಿಸುವುದು ಅಗತ್ಯ. ಶಾಲೆ, ಕಾಲೇಜುಗಳಲ್ಲಿ ಆಪ್ತ ಸಮಾಲೋಚನೆ ಕೇಂದ್ರಗಳನ್ನು ತೆರೆಯಬೇಕು. ಸಮಸ್ಯೆ ಎದುರಾದಾಗ ತಕ್ಷಣ ತಜ್ಞರ ನೆರವು ಪಡೆಯಬೇಕು. ಔಷಧ ಮತ್ತು ಚಿಕಿತ್ಸೆಯಿಂದ ಮಾನಸಿಕ ಸಮಸ್ಯೆಗಳನ್ನು ಗುಣಪಡಿಸಬಹುದು. 'ಮಾನಸಿಕ ಆರೋಗ್ಯ ದುರ್ಬಲತೆಯ ಸಂಕೇತ' ಎಂಬ ತಪ್ಪು ಕಲ್ಪನೆಯನ್ನು ದೂರ ಮಾಡಬೇಕು.
ಭಾವಿಸುತ್ತಾರೆ. ಮತ್ತು ಸಮಾಜದಲ್ಲಿ ಪ್ರತ್ಯೇಕವಾಗುವ ಭಯದಿಂದ ಸಮಸ್ಯೆಯನ್ನು ಮುಚ್ಚಿಡುತ್ತಾರೆ. ವ್ಯಸನಗಳು (addictive) ಕೂಡ ಮಾನಸಿಕ ಆರೋಗ್ಯದ ಮೇಲೆ ಪರಿಣಾಮ ಬೀರುತ್ತವೆ. ಮದ್ಯಪಾನ, ಧೂಮಪಾನ ಮತ್ತು ಮೊಬೈಲ್ ಚಟ ಇಂದಿನ ದೊಡ್ಡ ಸಮಸ್ಯೆಗಳು. ಇವುಗಳಿಂದ ದೂರವಿರುವುದು ಉತ್ತಮ. ಮಾನಸಿಕ ಆರೋಗ್ಯವನ್ನು ಕಾಪಾಡಿಕೊಳ್ಳುವುದು ಪ್ರತಿಯೊಬ್ಬರ ಜವಾಬ್ದಾರಿ. ಸಹಾಯವಾಣಿ ಸಂಖ್ಯೆ: 14416 ಸಂಪರ್ಕಿಸಬಹುದು. ಆರೋಗ್ಯಕರ ಸಮಾಜಕ್ಕಾಗಿ ಮಾನಸಿಕ ಆರೋಗ್ಯಕ್ಕೆ ಆದ್ಯತೆ ನೀಡೋಣ.
ಲೇಖಕರ ಸಂಪರ್ಕ: 62620 55380
